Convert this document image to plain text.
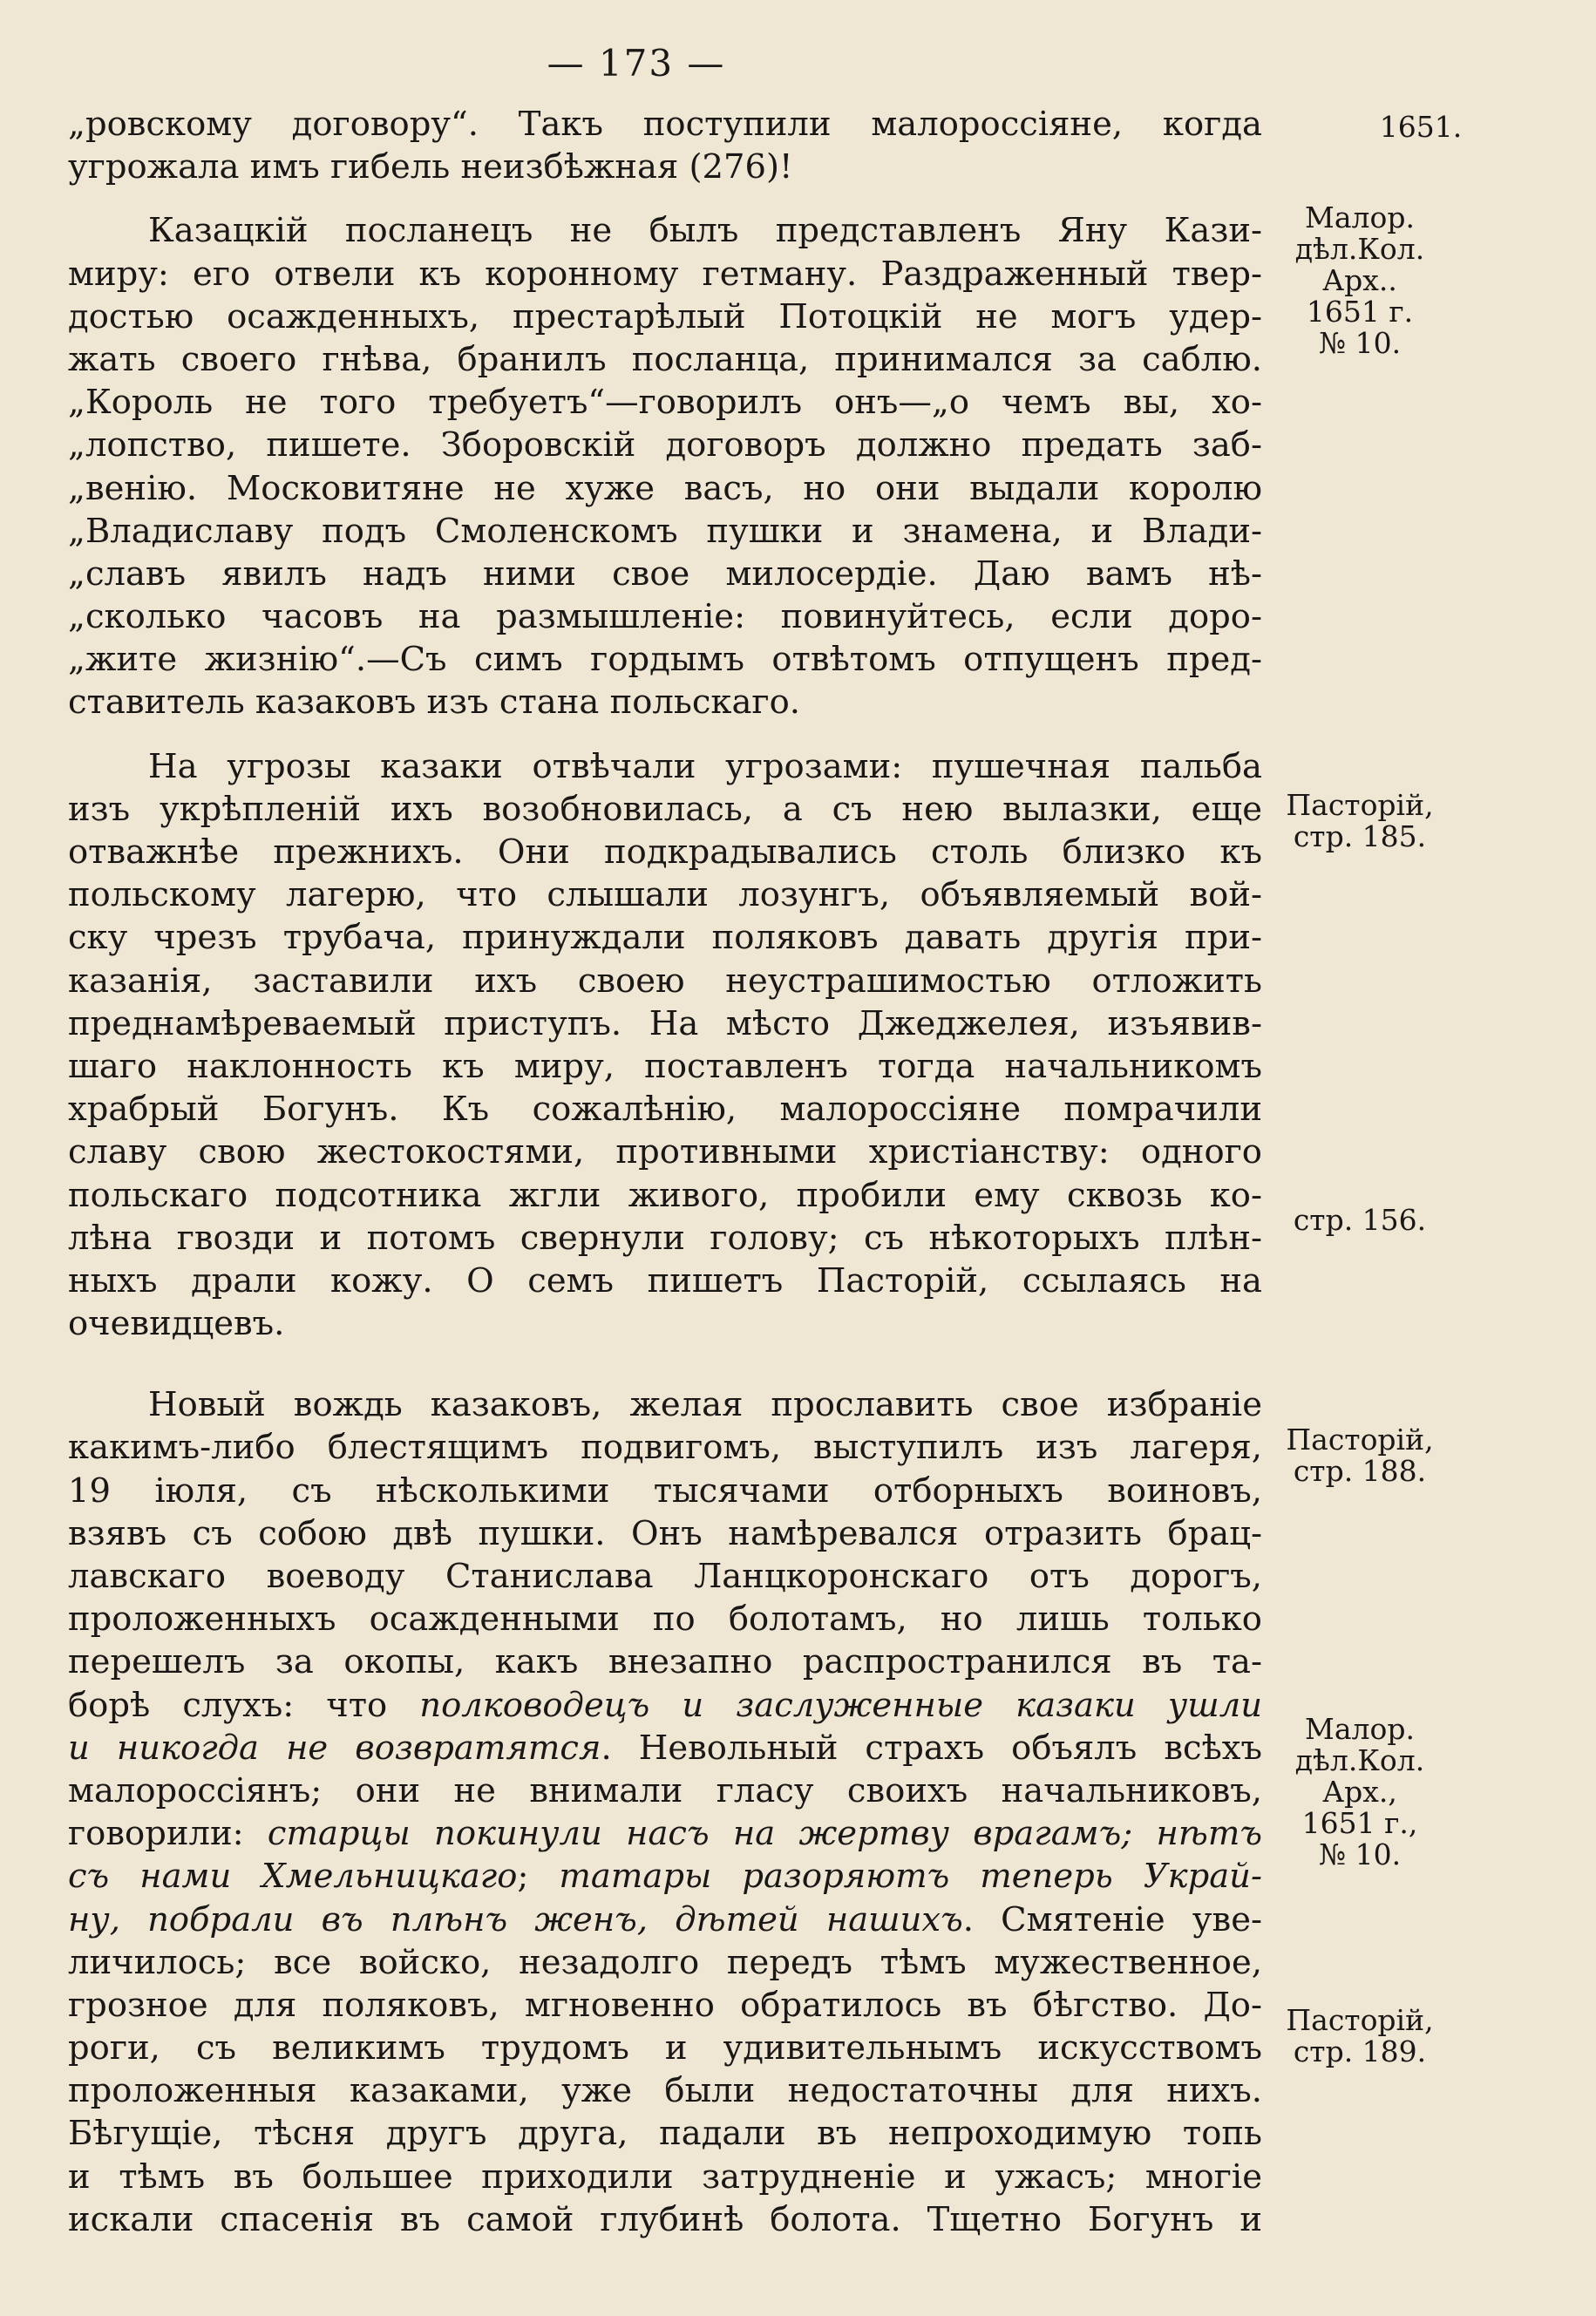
— 173 —
„ровскому договору“. Такъ поступили малороссіяне, когда
угрожала имъ гибель неизбѣжная (276)!
Казацкій посланецъ не былъ представленъ Яну Кази-
миру: его отвели къ коронному гетману. Раздраженный твер-
достью осажденныхъ, престарѣлый Потоцкій не могъ удер-
жать своего гнѣва, бранилъ посланца, принимался за саблю.
„Король не того требуетъ“—говорилъ онъ—„о чемъ вы, хо-
„лопство, пишете. Зборовскій договоръ должно предать заб-
„венію. Московитяне не хуже васъ, но они выдали королю
„Владиславу подъ Смоленскомъ пушки и знамена, и Влади-
„славъ явилъ надъ ними свое милосердіе. Даю вамъ нѣ-
„сколько часовъ на размышленіе: повинуйтесь, если доро-
„жите жизнію“.—Съ симъ гордымъ отвѣтомъ отпущенъ пред-
ставитель казаковъ изъ стана польскаго.
На угрозы казаки отвѣчали угрозами: пушечная пальба
изъ укрѣпленій ихъ возобновилась, а съ нею вылазки, еще
отважнѣе прежнихъ. Они подкрадывались столь близко къ
польскому лагерю, что слышали лозунгъ, объявляемый вой-
ску чрезъ трубача, принуждали поляковъ давать другія при-
казанія, заставили ихъ своею неустрашимостью отложить
преднамѣреваемый приступъ. На мѣсто Джеджелея, изъявив-
шаго наклонность къ миру, поставленъ тогда начальникомъ
храбрый Богунъ. Къ сожалѣнію, малороссіяне помрачили
славу свою жестокостями, противными христіанству: одного
польскаго подсотника жгли живого, пробили ему сквозь ко-
лѣна гвозди и потомъ свернули голову; съ нѣкоторыхъ плѣн-
ныхъ драли кожу. О семъ пишетъ Пасторій, ссылаясь на
очевидцевъ.
Новый вождь казаковъ, желая прославить свое избраніе
какимъ-либо блестящимъ подвигомъ, выступилъ изъ лагеря,
19 іюля, съ нѣсколькими тысячами отборныхъ воиновъ,
взявъ съ собою двѣ пушки. Онъ намѣревался отразить брац-
лавскаго воеводу Станислава Ланцкоронскаго отъ дорогъ,
проложенныхъ осажденными по болотамъ, но лишь только
перешелъ за окопы, какъ внезапно распространился въ та-
борѣ слухъ: что полководецъ и заслуженные казаки ушли
и никогда не возвратятся. Невольный страхъ объялъ всѣхъ
малороссіянъ; они не внимали гласу своихъ начальниковъ,
говорили: старцы покинули насъ на жертву врагамъ; нѣтъ
съ нами Хмельницкаго; татары разоряютъ теперь Украй-
ну, побрали въ плѣнъ женъ, дѣтей нашихъ. Смятеніе уве-
личилось; все войско, незадолго передъ тѣмъ мужественное,
грозное для поляковъ, мгновенно обратилось въ бѣгство. До-
роги, съ великимъ трудомъ и удивительнымъ искусствомъ
проложенныя казаками, уже были недостаточны для нихъ.
Бѣгущіе, тѣсня другъ друга, падали въ непроходимую топь
и тѣмъ въ большее приходили затрудненіе и ужасъ; многіе
искали спасенія въ самой глубинѣ болота. Тщетно Богунъ и
1651.
Малор.
дѣл.Кол.
Арх..
1651 г.
№ 10.
Пасторій,
стр. 185.
стр. 156.
Пасторій,
стр. 188.
Малор.
дѣл.Кол.
Арх.,
1651 г.,
№ 10.
Пасторій,
стр. 189.
